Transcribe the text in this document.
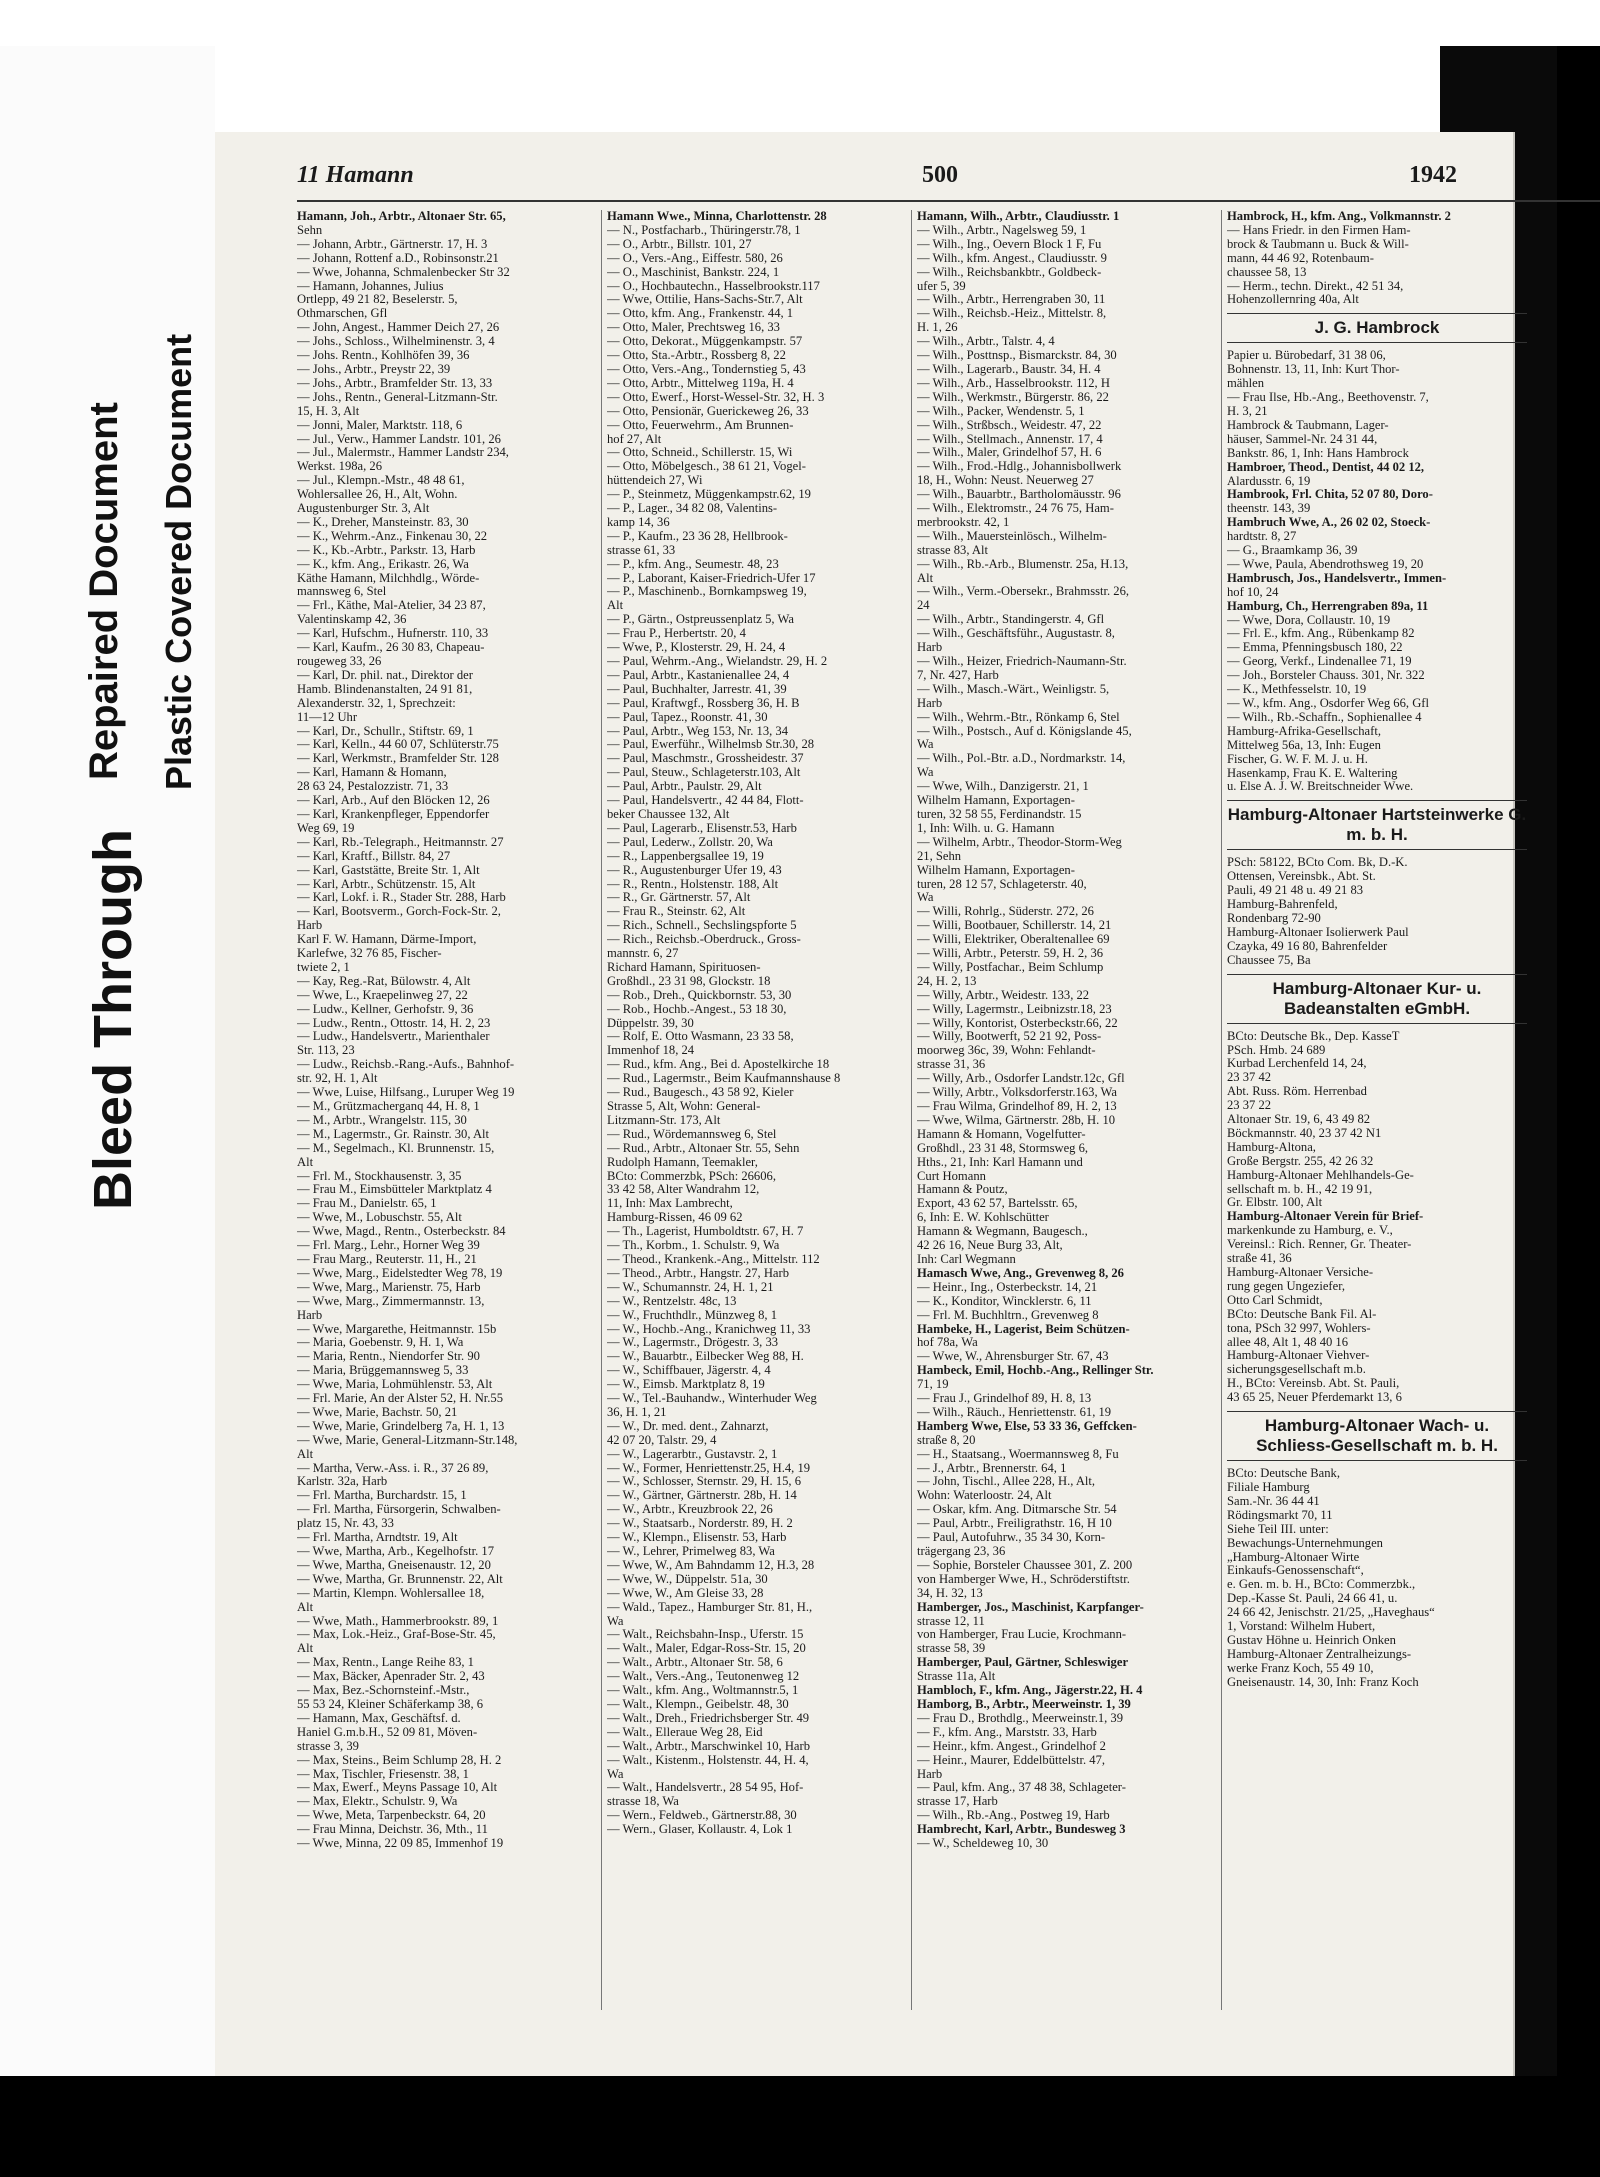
Bleed Through
Repaired Document Plastic Covered Document
11 Hamann	500	1942
Hamann, Joh., Arbtr., Altonaer Str. 65,
Sehn
— Johann, Arbtr., Gärtnerstr. 17, H. 3
— Johann, Rottenf a.D., Robinsonstr.21
— Wwe, Johanna, Schmalenbecker Str 32
— Hamann, Johannes, Julius
Ortlepp, 49 21 82, Beselerstr. 5,
Othmarschen, Gfl
— John, Angest., Hammer Deich 27, 26
— Johs., Schloss., Wilhelminenstr. 3, 4
— Johs. Rentn., Kohlhöfen 39, 36
— Johs., Arbtr., Preystr 22, 39
— Johs., Arbtr., Bramfelder Str. 13, 33
— Johs., Rentn., General-Litzmann-Str.
15, H. 3, Alt
— Jonni, Maler, Marktstr. 118, 6
— Jul., Verw., Hammer Landstr. 101, 26
— Jul., Malermstr., Hammer Landstr 234,
Werkst. 198a, 26
— Jul., Klempn.-Mstr., 48 48 61,
Wohlersallee 26, H., Alt, Wohn.
Augustenburger Str. 3, Alt
— K., Dreher, Mansteinstr. 83, 30
— K., Wehrm.-Anz., Finkenau 30, 22
— K., Kb.-Arbtr., Parkstr. 13, Harb
— K., kfm. Ang., Erikastr. 26, Wa
Käthe Hamann, Milchhdlg., Wörde-
mannsweg 6, Stel
— Frl., Käthe, Mal-Atelier, 34 23 87,
Valentinskamp 42, 36
— Karl, Hufschm., Hufnerstr. 110, 33
— Karl, Kaufm., 26 30 83, Chapeau-
rougeweg 33, 26
— Karl, Dr. phil. nat., Direktor der
Hamb. Blindenanstalten, 24 91 81,
Alexanderstr. 32, 1, Sprechzeit:
11—12 Uhr
— Karl, Dr., Schullr., Stiftstr. 69, 1
— Karl, Kelln., 44 60 07, Schlüterstr.75
— Karl, Werkmstr., Bramfelder Str. 128
— Karl, Hamann & Homann,
28 63 24, Pestalozzistr. 71, 33
— Karl, Arb., Auf den Blöcken 12, 26
— Karl, Krankenpfleger, Eppendorfer
Weg 69, 19
— Karl, Rb.-Telegraph., Heitmannstr. 27
— Karl, Kraftf., Billstr. 84, 27
— Karl, Gaststätte, Breite Str. 1, Alt
— Karl, Arbtr., Schützenstr. 15, Alt
— Karl, Lokf. i. R., Stader Str. 288, Harb
— Karl, Bootsverm., Gorch-Fock-Str. 2,
Harb
Karl F. W. Hamann, Därme-Import,
Karlefwe, 32 76 85, Fischer-
twiete 2, 1
— Kay, Reg.-Rat, Bülowstr. 4, Alt
— Wwe, L., Kraepelinweg 27, 22
— Ludw., Kellner, Gerhofstr. 9, 36
— Ludw., Rentn., Ottostr. 14, H. 2, 23
— Ludw., Handelsvertr., Marienthaler
Str. 113, 23
— Ludw., Reichsb.-Rang.-Aufs., Bahnhof-
str. 92, H. 1, Alt
— Wwe, Luise, Hilfsang., Luruper Weg 19
— M., Grützmacherganq 44, H. 8, 1
— M., Arbtr., Wrangelstr. 115, 30
— M., Lagermstr., Gr. Rainstr. 30, Alt
— M., Segelmach., Kl. Brunnenstr. 15,
Alt
— Frl. M., Stockhausenstr. 3, 35
— Frau M., Eimsbütteler Marktplatz 4
— Frau M., Danielstr. 65, 1
— Wwe, M., Lobuschstr. 55, Alt
— Wwe, Magd., Rentn., Osterbeckstr. 84
— Frl. Marg., Lehr., Horner Weg 39
— Frau Marg., Reuterstr. 11, H., 21
— Wwe, Marg., Eidelstedter Weg 78, 19
— Wwe, Marg., Marienstr. 75, Harb
— Wwe, Marg., Zimmermannstr. 13,
Harb
— Wwe, Margarethe, Heitmannstr. 15b
— Maria, Goebenstr. 9, H. 1, Wa
— Maria, Rentn., Niendorfer Str. 90
— Maria, Brüggemannsweg 5, 33
— Wwe, Maria, Lohmühlenstr. 53, Alt
— Frl. Marie, An der Alster 52, H. Nr.55
— Wwe, Marie, Bachstr. 50, 21
— Wwe, Marie, Grindelberg 7a, H. 1, 13
— Wwe, Marie, General-Litzmann-Str.148,
Alt
— Martha, Verw.-Ass. i. R., 37 26 89,
Karlstr. 32a, Harb
— Frl. Martha, Burchardstr. 15, 1
— Frl. Martha, Fürsorgerin, Schwalben-
platz 15, Nr. 43, 33
— Frl. Martha, Arndtstr. 19, Alt
— Wwe, Martha, Arb., Kegelhofstr. 17
— Wwe, Martha, Gneisenaustr. 12, 20
— Wwe, Martha, Gr. Brunnenstr. 22, Alt
— Martin, Klempn. Wohlersallee 18,
Alt
— Wwe, Math., Hammerbrookstr. 89, 1
— Max, Lok.-Heiz., Graf-Bose-Str. 45,
Alt
— Max, Rentn., Lange Reihe 83, 1
— Max, Bäcker, Apenrader Str. 2, 43
— Max, Bez.-Schornsteinf.-Mstr.,
55 53 24, Kleiner Schäferkamp 38, 6
— Hamann, Max, Geschäftsf. d.
Haniel G.m.b.H., 52 09 81, Möven-
strasse 3, 39
— Max, Steins., Beim Schlump 28, H. 2
— Max, Tischler, Friesenstr. 38, 1
— Max, Ewerf., Meyns Passage 10, Alt
— Max, Elektr., Schulstr. 9, Wa
— Wwe, Meta, Tarpenbeckstr. 64, 20
— Frau Minna, Deichstr. 36, Mth., 11
— Wwe, Minna, 22 09 85, Immenhof 19
Hamann Wwe., Minna, Charlottenstr. 28
— N., Postfacharb., Thüringerstr.78, 1
— O., Arbtr., Billstr. 101, 27
— O., Vers.-Ang., Eiffestr. 580, 26
— O., Maschinist, Bankstr. 224, 1
— O., Hochbautechn., Hasselbrookstr.117
— Wwe, Ottilie, Hans-Sachs-Str.7, Alt
— Otto, kfm. Ang., Frankenstr. 44, 1
— Otto, Maler, Prechtsweg 16, 33
— Otto, Dekorat., Müggenkampstr. 57
— Otto, Sta.-Arbtr., Rossberg 8, 22
— Otto, Vers.-Ang., Tondernstieg 5, 43
— Otto, Arbtr., Mittelweg 119a, H. 4
— Otto, Ewerf., Horst-Wessel-Str. 32, H. 3
— Otto, Pensionär, Guerickeweg 26, 33
— Otto, Feuerwehrm., Am Brunnen-
hof 27, Alt
— Otto, Schneid., Schillerstr. 15, Wi
— Otto, Möbelgesch., 38 61 21, Vogel-
hüttendeich 27, Wi
— P., Steinmetz, Müggenkampstr.62, 19
— P., Lager., 34 82 08, Valentins-
kamp 14, 36
— P., Kaufm., 23 36 28, Hellbrook-
strasse 61, 33
— P., kfm. Ang., Seumestr. 48, 23
— P., Laborant, Kaiser-Friedrich-Ufer 17
— P., Maschinenb., Bornkampsweg 19,
Alt
— P., Gärtn., Ostpreussenplatz 5, Wa
— Frau P., Herbertstr. 20, 4
— Wwe, P., Klosterstr. 29, H. 24, 4
— Paul, Wehrm.-Ang., Wielandstr. 29, H. 2
— Paul, Arbtr., Kastanienallee 24, 4
— Paul, Buchhalter, Jarrestr. 41, 39
— Paul, Kraftwgf., Rossberg 36, H. B
— Paul, Tapez., Roonstr. 41, 30
— Paul, Arbtr., Weg 153, Nr. 13, 34
— Paul, Ewerführ., Wilhelmsb Str.30, 28
— Paul, Maschmstr., Grossheidestr. 37
— Paul, Steuw., Schlageterstr.103, Alt
— Paul, Arbtr., Paulstr. 29, Alt
— Paul, Handelsvertr., 42 44 84, Flott-
beker Chaussee 132, Alt
— Paul, Lagerarb., Elisenstr.53, Harb
— Paul, Lederw., Zollstr. 20, Wa
— R., Lappenbergsallee 19, 19
— R., Augustenburger Ufer 19, 43
— R., Rentn., Holstenstr. 188, Alt
— R., Gr. Gärtnerstr. 57, Alt
— Frau R., Steinstr. 62, Alt
— Rich., Schnell., Sechslingspforte 5
— Rich., Reichsb.-Oberdruck., Gross-
mannstr. 6, 27
Richard Hamann, Spirituosen-
Großhdl., 23 31 98, Glockstr. 18
— Rob., Dreh., Quickbornstr. 53, 30
— Rob., Hochb.-Angest., 53 18 30,
Düppelstr. 39, 30
— Rolf, E. Otto Wasmann, 23 33 58,
Immenhof 18, 24
— Rud., kfm. Ang., Bei d. Apostelkirche 18
— Rud., Lagermstr., Beim Kaufmannshause 8
— Rud., Baugesch., 43 58 92, Kieler
Strasse 5, Alt, Wohn: General-
Litzmann-Str. 173, Alt
— Rud., Wördemannsweg 6, Stel
— Rud., Arbtr., Altonaer Str. 55, Sehn
Rudolph Hamann, Teemakler,
BCto: Commerzbk, PSch: 26606,
33 42 58, Alter Wandrahm 12,
11, Inh: Max Lambrecht,
Hamburg-Rissen, 46 09 62
— Th., Lagerist, Humboldtstr. 67, H. 7
— Th., Korbm., 1. Schulstr. 9, Wa
— Theod., Krankenk.-Ang., Mittelstr. 112
— Theod., Arbtr., Hangstr. 27, Harb
— W., Schumannstr. 24, H. 1, 21
— W., Rentzelstr. 48c, 13
— W., Fruchthdlr., Münzweg 8, 1
— W., Hochb.-Ang., Kranichweg 11, 33
— W., Lagermstr., Drögestr. 3, 33
— W., Bauarbtr., Eilbecker Weg 88, H.
— W., Schiffbauer, Jägerstr. 4, 4
— W., Eimsb. Marktplatz 8, 19
— W., Tel.-Bauhandw., Winterhuder Weg
36, H. 1, 21
— W., Dr. med. dent., Zahnarzt,
42 07 20, Talstr. 29, 4
— W., Lagerarbtr., Gustavstr. 2, 1
— W., Former, Henriettenstr.25, H.4, 19
— W., Schlosser, Sternstr. 29, H. 15, 6
— W., Gärtner, Gärtnerstr. 28b, H. 14
— W., Arbtr., Kreuzbrook 22, 26
— W., Staatsarb., Norderstr. 89, H. 2
— W., Klempn., Elisenstr. 53, Harb
— W., Lehrer, Primelweg 83, Wa
— Wwe, W., Am Bahndamm 12, H.3, 28
— Wwe, W., Düppelstr. 51a, 30
— Wwe, W., Am Gleise 33, 28
— Wald., Tapez., Hamburger Str. 81, H.,
Wa
— Walt., Reichsbahn-Insp., Uferstr. 15
— Walt., Maler, Edgar-Ross-Str. 15, 20
— Walt., Arbtr., Altonaer Str. 58, 6
— Walt., Vers.-Ang., Teutonenweg 12
— Walt., kfm. Ang., Woltmannstr.5, 1
— Walt., Klempn., Geibelstr. 48, 30
— Walt., Dreh., Friedrichsberger Str. 49
— Walt., Elleraue Weg 28, Eid
— Walt., Arbtr., Marschwinkel 10, Harb
— Walt., Kistenm., Holstenstr. 44, H. 4,
Wa
— Walt., Handelsvertr., 28 54 95, Hof-
strasse 18, Wa
— Wern., Feldweb., Gärtnerstr.88, 30
— Wern., Glaser, Kollaustr. 4, Lok 1
Hamann, Wilh., Arbtr., Claudiusstr. 1
— Wilh., Arbtr., Nagelsweg 59, 1
— Wilh., Ing., Oevern Block 1 F, Fu
— Wilh., kfm. Angest., Claudiusstr. 9
— Wilh., Reichsbankbtr., Goldbeck-
ufer 5, 39
— Wilh., Arbtr., Herrengraben 30, 11
— Wilh., Reichsb.-Heiz., Mittelstr. 8,
H. 1, 26
— Wilh., Arbtr., Talstr. 4, 4
— Wilh., Posttnsp., Bismarckstr. 84, 30
— Wilh., Lagerarb., Baustr. 34, H. 4
— Wilh., Arb., Hasselbrookstr. 112, H
— Wilh., Werkmstr., Bürgerstr. 86, 22
— Wilh., Packer, Wendenstr. 5, 1
— Wilh., Strßbsch., Weidestr. 47, 22
— Wilh., Stellmach., Annenstr. 17, 4
— Wilh., Maler, Grindelhof 57, H. 6
— Wilh., Frod.-Hdlg., Johannisbollwerk
18, H., Wohn: Neust. Neuerweg 27
— Wilh., Bauarbtr., Bartholomäusstr. 96
— Wilh., Elektromstr., 24 76 75, Ham-
merbrookstr. 42, 1
— Wilh., Mauersteinlösch., Wilhelm-
strasse 83, Alt
— Wilh., Rb.-Arb., Blumenstr. 25a, H.13,
Alt
— Wilh., Verm.-Obersekr., Brahmsstr. 26,
24
— Wilh., Arbtr., Standingerstr. 4, Gfl
— Wilh., Geschäftsführ., Augustastr. 8,
Harb
— Wilh., Heizer, Friedrich-Naumann-Str.
7, Nr. 427, Harb
— Wilh., Masch.-Wärt., Weinligstr. 5,
Harb
— Wilh., Wehrm.-Btr., Rönkamp 6, Stel
— Wilh., Postsch., Auf d. Königslande 45,
Wa
— Wilh., Pol.-Btr. a.D., Nordmarkstr. 14,
Wa
— Wwe, Wilh., Danzigerstr. 21, 1
Wilhelm Hamann, Exportagen-
turen, 32 58 55, Ferdinandstr. 15
1, Inh: Wilh. u. G. Hamann
— Wilhelm, Arbtr., Theodor-Storm-Weg
21, Sehn
Wilhelm Hamann, Exportagen-
turen, 28 12 57, Schlageterstr. 40,
Wa
— Willi, Rohrlg., Süderstr. 272, 26
— Willi, Bootbauer, Schillerstr. 14, 21
— Willi, Elektriker, Oberaltenallee 69
— Willi, Arbtr., Peterstr. 59, H. 2, 36
— Willy, Postfachar., Beim Schlump
24, H. 2, 13
— Willy, Arbtr., Weidestr. 133, 22
— Willy, Lagermstr., Leibnizstr.18, 23
— Willy, Kontorist, Osterbeckstr.66, 22
— Willy, Bootwerft, 52 21 92, Poss-
moorweg 36c, 39, Wohn: Fehlandt-
strasse 31, 36
— Willy, Arb., Osdorfer Landstr.12c, Gfl
— Willy, Arbtr., Volksdorferstr.163, Wa
— Frau Wilma, Grindelhof 89, H. 2, 13
— Wwe, Wilma, Gärtnerstr. 28b, H. 10
Hamann & Homann, Vogelfutter-
Großhdl., 23 31 48, Stormsweg 6,
Hths., 21, Inh: Karl Hamann und
Curt Homann
Hamann & Poutz,
Export, 43 62 57, Bartelsstr. 65,
6, Inh: E. W. Kohlschütter
Hamann & Wegmann, Baugesch.,
42 26 16, Neue Burg 33, Alt,
Inh: Carl Wegmann
Hamasch Wwe, Ang., Grevenweg 8, 26
— Heinr., Ing., Osterbeckstr. 14, 21
— K., Konditor, Wincklerstr. 6, 11
— Frl. M. Buchhltrn., Grevenweg 8
Hambeke, H., Lagerist, Beim Schützen-
hof 78a, Wa
— Wwe, W., Ahrensburger Str. 67, 43
Hambeck, Emil, Hochb.-Ang., Rellinger Str.
71, 19
— Frau J., Grindelhof 89, H. 8, 13
— Wilh., Räuch., Henriettenstr. 61, 19
Hamberg Wwe, Else, 53 33 36, Geffcken-
straße 8, 20
— H., Staatsang., Woermannsweg 8, Fu
— J., Arbtr., Brennerstr. 64, 1
— John, Tischl., Allee 228, H., Alt,
Wohn: Waterloostr. 24, Alt
— Oskar, kfm. Ang. Ditmarsche Str. 54
— Paul, Arbtr., Freiligrathstr. 16, H 10
— Paul, Autofuhrw., 35 34 30, Korn-
trägergang 23, 36
— Sophie, Borsteler Chaussee 301, Z. 200
von Hamberger Wwe, H., Schröderstiftstr.
34, H. 32, 13
Hamberger, Jos., Maschinist, Karpfanger-
strasse 12, 11
von Hamberger, Frau Lucie, Krochmann-
strasse 58, 39
Hamberger, Paul, Gärtner, Schleswiger
Strasse 11a, Alt
Hambloch, F., kfm. Ang., Jägerstr.22, H. 4
Hamborg, B., Arbtr., Meerweinstr. 1, 39
— Frau D., Brothdlg., Meerweinstr.1, 39
— F., kfm. Ang., Marststr. 33, Harb
— Heinr., kfm. Angest., Grindelhof 2
— Heinr., Maurer, Eddelbüttelstr. 47,
Harb
— Paul, kfm. Ang., 37 48 38, Schlageter-
strasse 17, Harb
— Wilh., Rb.-Ang., Postweg 19, Harb
Hambrecht, Karl, Arbtr., Bundesweg 3
— W., Scheldeweg 10, 30
Hambrock, H., kfm. Ang., Volkmannstr. 2
— Hans Friedr. in den Firmen Ham-
brock & Taubmann u. Buck & Will-
mann, 44 46 92, Rotenbaum-
chaussee 58, 13
— Herm., techn. Direkt., 42 51 34,
Hohenzollernring 40a, Alt
J. G. Hambrock
Papier u. Bürobedarf, 31 38 06,
Bohnenstr. 13, 11, Inh: Kurt Thor-
mählen
— Frau Ilse, Hb.-Ang., Beethovenstr. 7,
H. 3, 21
Hambrock & Taubmann, Lager-
häuser, Sammel-Nr. 24 31 44,
Bankstr. 86, 1, Inh: Hans Hambrock
Hambroer, Theod., Dentist, 44 02 12,
Alardusstr. 6, 19
Hambrook, Frl. Chita, 52 07 80, Doro-
theenstr. 143, 39
Hambruch Wwe, A., 26 02 02, Stoeck-
hardtstr. 8, 27
— G., Braamkamp 36, 39
— Wwe, Paula, Abendrothsweg 19, 20
Hambrusch, Jos., Handelsvertr., Immen-
hof 10, 24
Hamburg, Ch., Herrengraben 89a, 11
— Wwe, Dora, Collaustr. 10, 19
— Frl. E., kfm. Ang., Rübenkamp 82
— Emma, Pfenningsbusch 180, 22
— Georg, Verkf., Lindenallee 71, 19
— Joh., Borsteler Chauss. 301, Nr. 322
— K., Methfesselstr. 10, 19
— W., kfm. Ang., Osdorfer Weg 66, Gfl
— Wilh., Rb.-Schaffn., Sophienallee 4
Hamburg-Afrika-Gesellschaft,
Mittelweg 56a, 13, Inh: Eugen
Fischer, G. W. F. M. J. u. H.
Hasenkamp, Frau K. E. Waltering
u. Else A. J. W. Breitschneider Wwe.
Hamburg-Altonaer Hartsteinwerke G. m. b. H.
PSch: 58122, BCto Com. Bk, D.-K.
Ottensen, Vereinsbk., Abt. St.
Pauli, 49 21 48 u. 49 21 83
Hamburg-Bahrenfeld,
Rondenbarg 72-90
Hamburg-Altonaer Isolierwerk Paul
Czayka, 49 16 80, Bahrenfelder
Chaussee 75, Ba
Hamburg-Altonaer Kur- u. Badeanstalten eGmbH.
BCto: Deutsche Bk., Dep. KasseT
PSch. Hmb. 24 689
Kurbad Lerchenfeld 14, 24,
23 37 42
Abt. Russ. Röm. Herrenbad
23 37 22
Altonaer Str. 19, 6, 43 49 82
Böckmannstr. 40, 23 37 42 N1
Hamburg-Altona,
Große Bergstr. 255, 42 26 32
Hamburg-Altonaer Mehlhandels-Ge-
sellschaft m. b. H., 42 19 91,
Gr. Elbstr. 100, Alt
Hamburg-Altonaer Verein für Brief-
markenkunde zu Hamburg, e. V.,
Vereinsl.: Rich. Renner, Gr. Theater-
straße 41, 36
Hamburg-Altonaer Versiche-
rung gegen Ungeziefer,
Otto Carl Schmidt,
BCto: Deutsche Bank Fil. Al-
tona, PSch 32 997, Wohlers-
allee 48, Alt 1, 48 40 16
Hamburg-Altonaer Viehver-
sicherungsgesellschaft m.b.
H., BCto: Vereinsb. Abt. St. Pauli,
43 65 25, Neuer Pferdemarkt 13, 6
Hamburg-Altonaer Wach- u. Schliess-Gesellschaft m. b. H.
BCto: Deutsche Bank,
Filiale Hamburg
Sam.-Nr. 36 44 41
Rödingsmarkt 70, 11
Siehe Teil III. unter:
Bewachungs-Unternehmungen
„Hamburg-Altonaer Wirte
Einkaufs-Genossenschaft“,
e. Gen. m. b. H., BCto: Commerzbk.,
Dep.-Kasse St. Pauli, 24 66 41, u.
24 66 42, Jenischstr. 21/25, „Haveghaus“
1, Vorstand: Wilhelm Hubert,
Gustav Höhne u. Heinrich Onken
Hamburg-Altonaer Zentralheizungs-
werke Franz Koch, 55 49 10,
Gneisenaustr. 14, 30, Inh: Franz Koch
